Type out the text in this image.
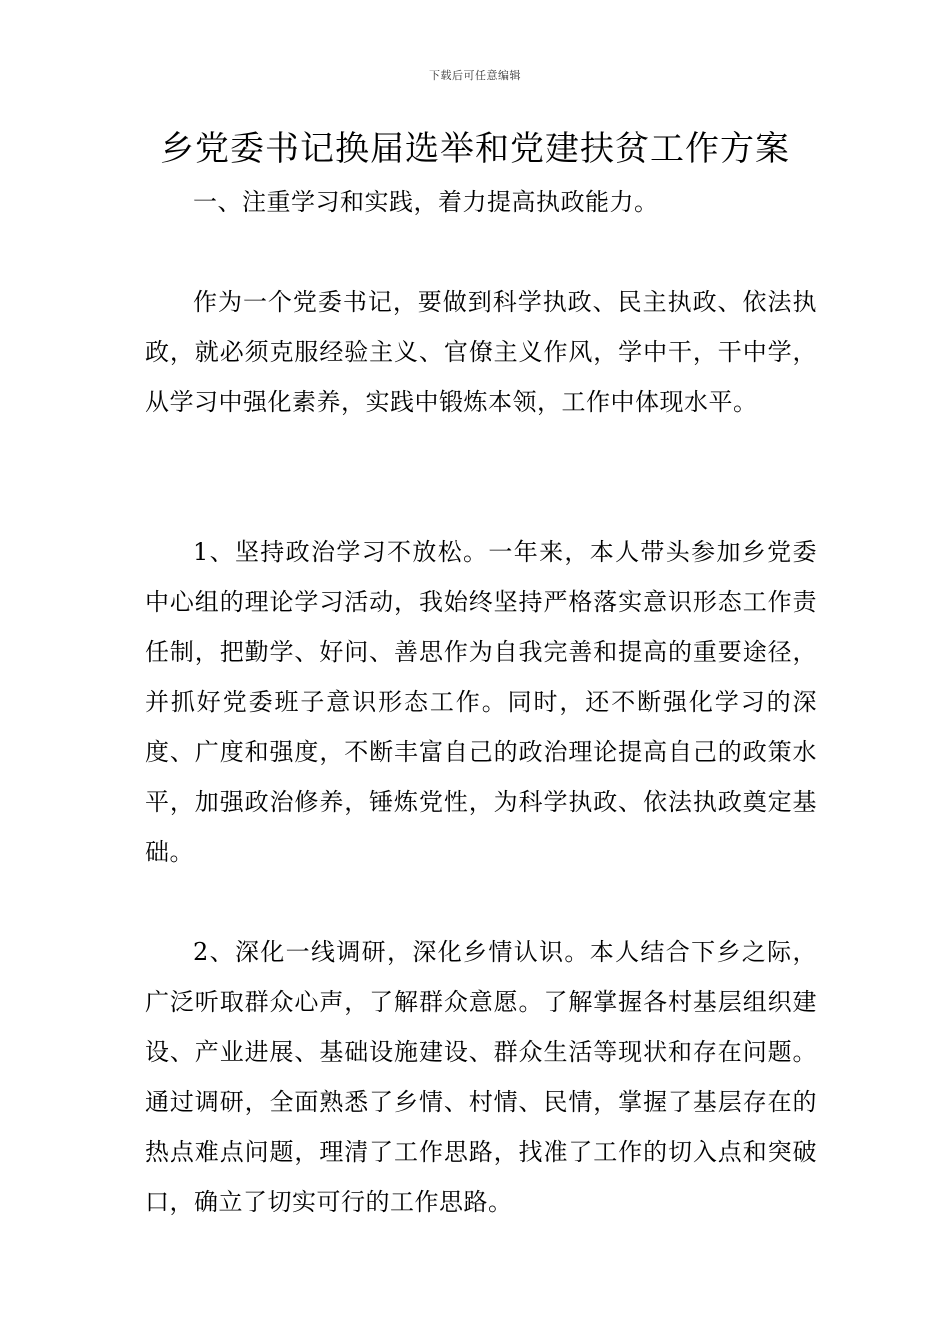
下载后可任意编辑
乡党委书记换届选举和党建扶贫工作方案

一、注重学习和实践，着力提高执政能力。

作为一个党委书记，要做到科学执政、民主执政、依法执政，就必须克服经验主义、官僚主义作风，学中干，干中学，从学习中强化素养，实践中锻炼本领，工作中体现水平。

1、坚持政治学习不放松。一年来，本人带头参加乡党委中心组的理论学习活动，我始终坚持严格落实意识形态工作责任制，把勤学、好问、善思作为自我完善和提高的重要途径，并抓好党委班子意识形态工作。同时，还不断强化学习的深度、广度和强度，不断丰富自己的政治理论提高自己的政策水平，加强政治修养，锤炼党性，为科学执政、依法执政奠定基础。

2、深化一线调研，深化乡情认识。本人结合下乡之际，广泛听取群众心声，了解群众意愿。了解掌握各村基层组织建设、产业进展、基础设施建设、群众生活等现状和存在问题。通过调研，全面熟悉了乡情、村情、民情，掌握了基层存在的热点难点问题，理清了工作思路，找准了工作的切入点和突破口，确立了切实可行的工作思路。
